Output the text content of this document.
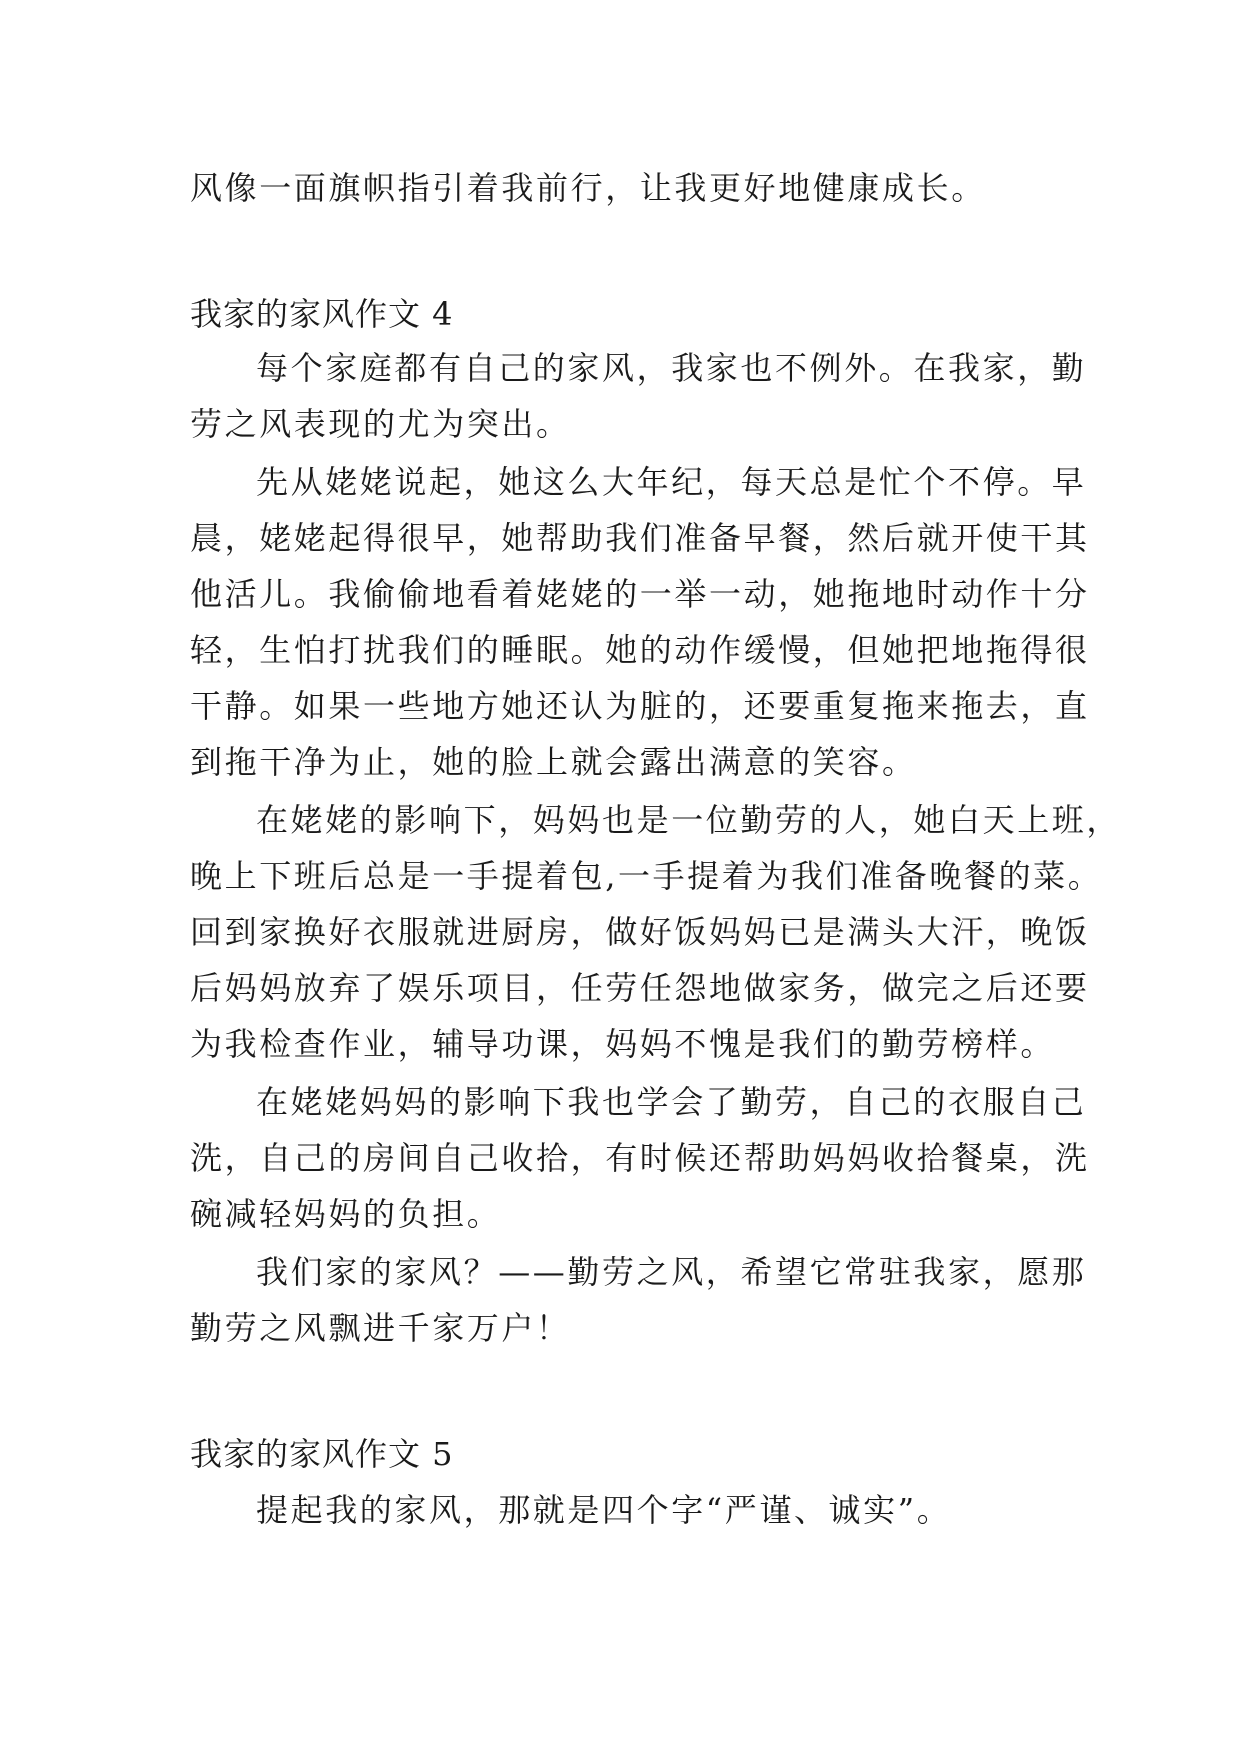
风像一面旗帜指引着我前行，让我更好地健康成长。
我家的家风作文 4
每个家庭都有自己的家风，我家也不例外。在我家，勤
劳之风表现的尤为突出。
先从姥姥说起，她这么大年纪，每天总是忙个不停。早
晨，姥姥起得很早，她帮助我们准备早餐，然后就开使干其
他活儿。我偷偷地看着姥姥的一举一动，她拖地时动作十分
轻，生怕打扰我们的睡眠。她的动作缓慢，但她把地拖得很
干静。如果一些地方她还认为脏的，还要重复拖来拖去，直
到拖干净为止，她的脸上就会露出满意的笑容。
在姥姥的影响下，妈妈也是一位勤劳的人，她白天上班，
晚上下班后总是一手提着包,一手提着为我们准备晚餐的菜。
回到家换好衣服就进厨房，做好饭妈妈已是满头大汗，晚饭
后妈妈放弃了娱乐项目，任劳任怨地做家务，做完之后还要
为我检查作业，辅导功课，妈妈不愧是我们的勤劳榜样。
在姥姥妈妈的影响下我也学会了勤劳，自己的衣服自己
洗，自己的房间自己收拾，有时候还帮助妈妈收拾餐桌，洗
碗减轻妈妈的负担。
我们家的家风？——勤劳之风，希望它常驻我家，愿那
勤劳之风飘进千家万户！
我家的家风作文 5
提起我的家风，那就是四个字“严谨、诚实”。
